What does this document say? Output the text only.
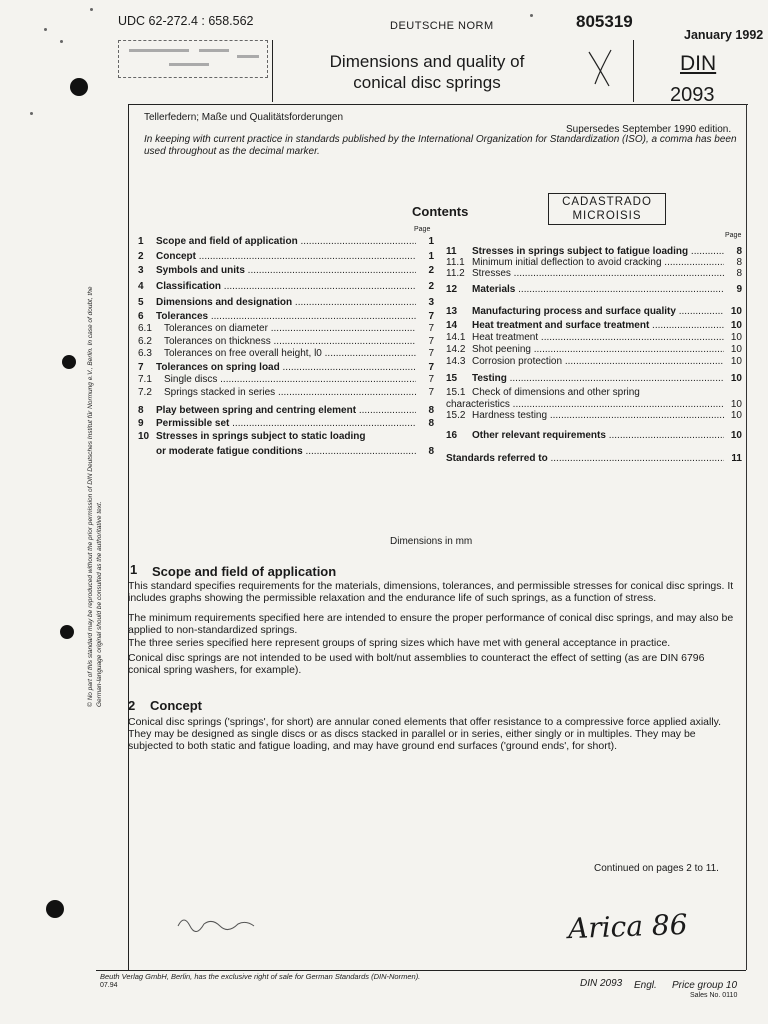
UDC 62-272.4 : 658.562	DEUTSCHE NORM	805319
January 1992
Dimensions and quality of
conical disc springs
DIN
2093
Tellerfedern; Maße und Qualitätsforderungen
Supersedes September 1990 edition.
In keeping with current practice in standards published by the International Organization for Standardization (ISO), a comma has been used throughout as the decimal marker.
CADASTRADO
MICROISIS
Contents
Page
Page
1	Scope and field of application .....	1
2	Concept .....	1
3	Symbols and units .....	2
4	Classification .....	2
5	Dimensions and designation .....	3
6	Tolerances .....	7
6.1	Tolerances on diameter .....	7
6.2	Tolerances on thickness .....	7
6.3	Tolerances on free overall height, l0 .....	7
7	Tolerances on spring load .....	7
7.1	Single discs .....	7
7.2	Springs stacked in series .....	7
8	Play between spring and centring element .....	8
9	Permissible set .....	8
10 Stresses in springs subject to static loading
or moderate fatigue conditions .....	8
11	Stresses in springs subject to fatigue loading .....	8
11.1 Minimum initial deflection to avoid cracking .....	8
11.2 Stresses .....	8
12	Materials .....	9
13	Manufacturing process and surface quality .....	10
14	Heat treatment and surface treatment .....	10
14.1 Heat treatment .....	10
14.2 Shot peening .....	10
14.3 Corrosion protection .....	10
15	Testing .....	10
15.1 Check of dimensions and other spring
characteristics .....	10
15.2 Hardness testing .....	10
16	Other relevant requirements .....	10
Standards referred to .....	11
Dimensions in mm
1 Scope and field of application
This standard specifies requirements for the materials, dimensions, tolerances, and permissible stresses for conical disc springs. It includes graphs showing the permissible relaxation and the endurance life of such springs, as a function of stress.
The minimum requirements specified here are intended to ensure the proper performance of conical disc springs, and may also be applied to non-standardized springs.
The three series specified here represent groups of spring sizes which have met with general acceptance in practice.
Conical disc springs are not intended to be used with bolt/nut assemblies to counteract the effect of setting (as are DIN 6796 conical spring washers, for example).
2 Concept
Conical disc springs ('springs', for short) are annular coned elements that offer resistance to a compressive force applied axially. They may be designed as single discs or as discs stacked in parallel or in series, either singly or in multiples. They may be subjected to both static and fatigue loading, and may have ground end surfaces ('ground ends', for short).
Continued on pages 2 to 11.
Arica 86
Beuth Verlag GmbH, Berlin, has the exclusive right of sale for German Standards (DIN-Normen).
07.94	DIN 2093 Engl. Price group 10
Sales No. 0110
© No part of this standard may be reproduced without the prior permission of DIN Deutsches Institut für Normung e.V., Berlin. In case of doubt, the German-language original should be consulted as the authoritative text.
